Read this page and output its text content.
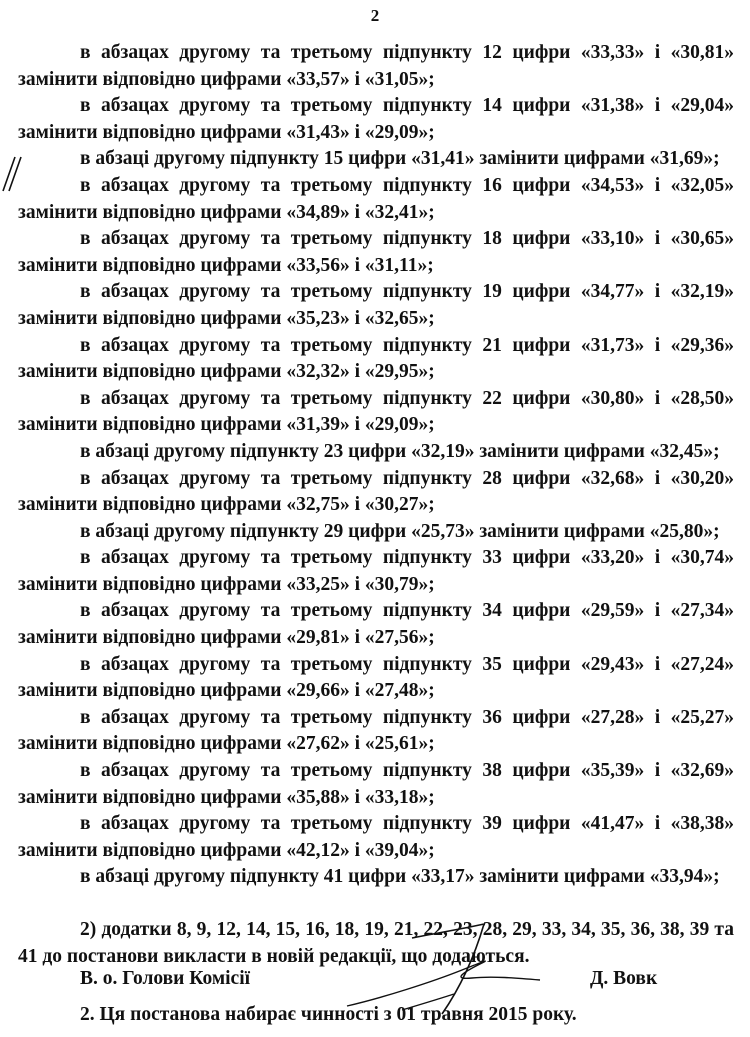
2

в абзацах другому та третьому підпункту 12 цифри «33,33» і «30,81» замінити відповідно цифрами «33,57» і «31,05»;

в абзацах другому та третьому підпункту 14 цифри «31,38» і «29,04» замінити відповідно цифрами «31,43» і «29,09»;

в абзаці другому підпункту 15 цифри «31,41» замінити цифрами «31,69»;

в абзацах другому та третьому підпункту 16 цифри «34,53» і «32,05» замінити відповідно цифрами «34,89» і «32,41»;

в абзацах другому та третьому підпункту 18 цифри «33,10» і «30,65» замінити відповідно цифрами «33,56» і «31,11»;

в абзацах другому та третьому підпункту 19 цифри «34,77» і «32,19» замінити відповідно цифрами «35,23» і «32,65»;

в абзацах другому та третьому підпункту 21 цифри «31,73» і «29,36» замінити відповідно цифрами «32,32» і «29,95»;

в абзацах другому та третьому підпункту 22 цифри «30,80» і «28,50» замінити відповідно цифрами «31,39» і «29,09»;

в абзаці другому підпункту 23 цифри «32,19» замінити цифрами «32,45»;

в абзацах другому та третьому підпункту 28 цифри «32,68» і «30,20» замінити відповідно цифрами «32,75» і «30,27»;

в абзаці другому підпункту 29 цифри «25,73» замінити цифрами «25,80»;

в абзацах другому та третьому підпункту 33 цифри «33,20» і «30,74» замінити відповідно цифрами «33,25» і «30,79»;

в абзацах другому та третьому підпункту 34 цифри «29,59» і «27,34» замінити відповідно цифрами «29,81» і «27,56»;

в абзацах другому та третьому підпункту 35 цифри «29,43» і «27,24» замінити відповідно цифрами «29,66» і «27,48»;

в абзацах другому та третьому підпункту 36 цифри «27,28» і «25,27» замінити відповідно цифрами «27,62» і «25,61»;

в абзацах другому та третьому підпункту 38 цифри «35,39» і «32,69» замінити відповідно цифрами «35,88» і «33,18»;

в абзацах другому та третьому підпункту 39 цифри «41,47» і «38,38» замінити відповідно цифрами «42,12» і «39,04»;

в абзаці другому підпункту 41 цифри «33,17» замінити цифрами «33,94»;

2) додатки 8, 9, 12, 14, 15, 16, 18, 19, 21, 22, 23, 28, 29, 33, 34, 35, 36, 38, 39 та 41 до постанови викласти в новій редакції, що додаються.

2. Ця постанова набирає чинності з 01 травня 2015 року.

В. о. Голови Комісії	Д. Вовк
